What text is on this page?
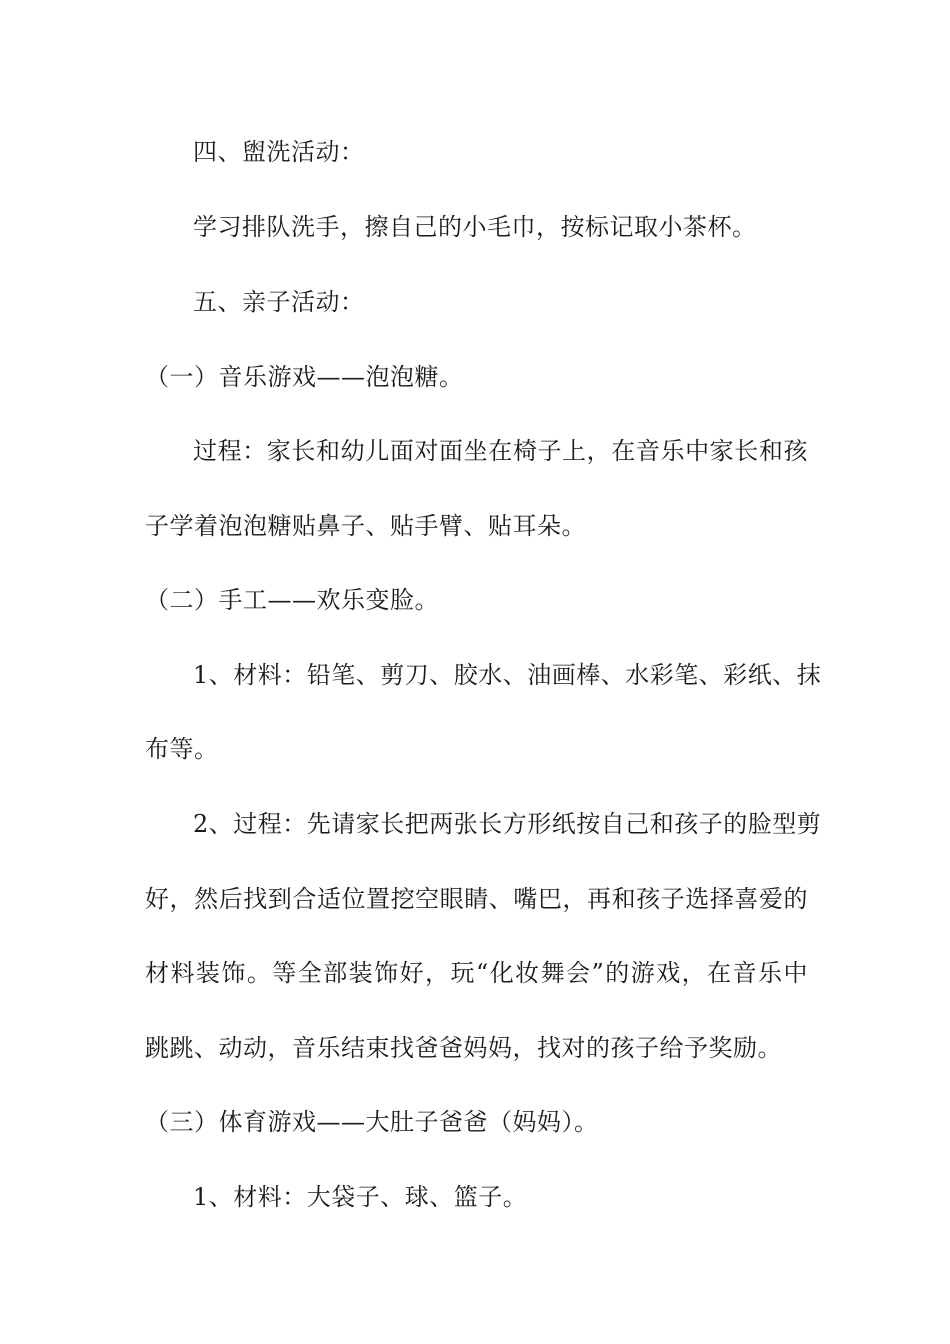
四、盥洗活动：
学习排队洗手，擦自己的小毛巾，按标记取小茶杯。
五、亲子活动：
（一）音乐游戏——泡泡糖。
过程：家长和幼儿面对面坐在椅子上，在音乐中家长和孩
子学着泡泡糖贴鼻子、贴手臂、贴耳朵。
（二）手工——欢乐变脸。
1、材料：铅笔、剪刀、胶水、油画棒、水彩笔、彩纸、抹
布等。
2、过程：先请家长把两张长方形纸按自己和孩子的脸型剪
好，然后找到合适位置挖空眼睛、嘴巴，再和孩子选择喜爱的
材料装饰。等全部装饰好，玩“化妆舞会”的游戏，在音乐中
跳跳、动动，音乐结束找爸爸妈妈，找对的孩子给予奖励。
（三）体育游戏——大肚子爸爸（妈妈）。
1、材料：大袋子、球、篮子。
